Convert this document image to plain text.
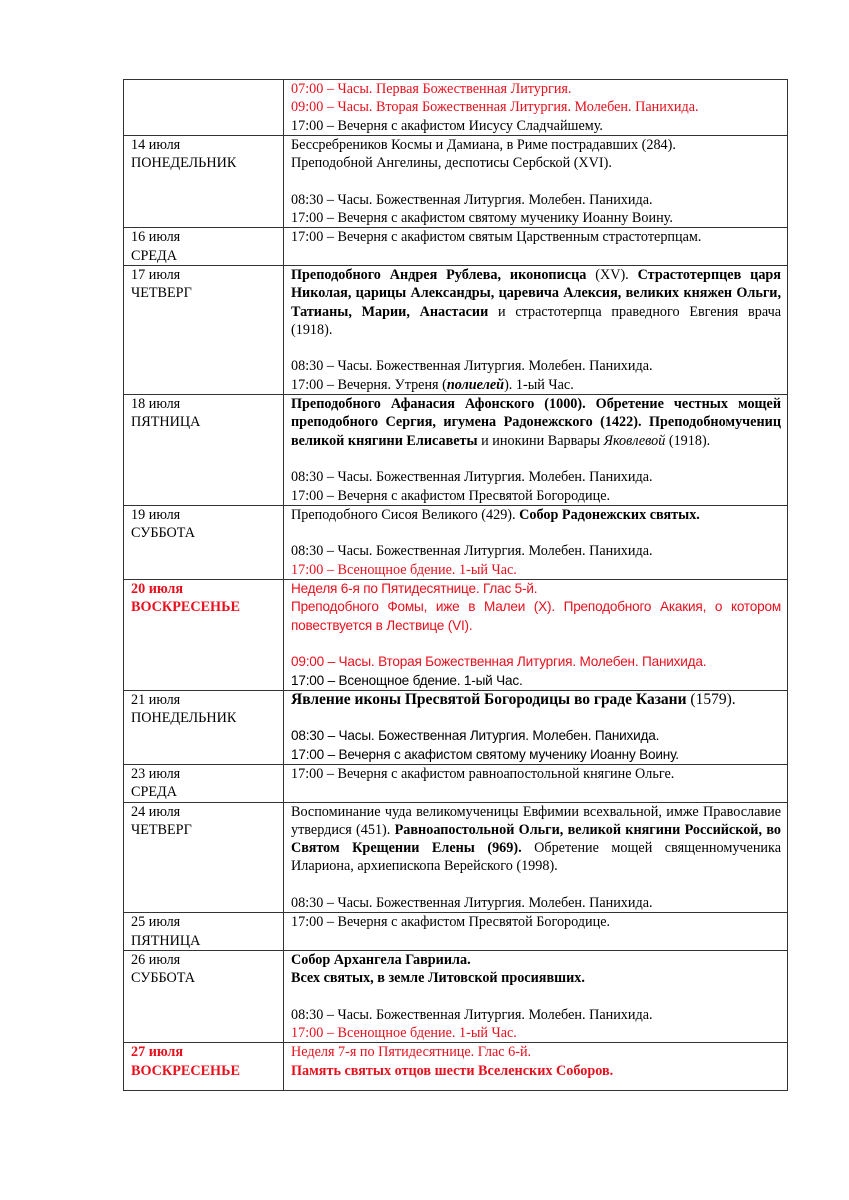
	07:00 – Часы. Первая Божественная Литургия.
09:00 – Часы. Вторая Божественная Литургия. Молебен. Панихида.
17:00 – Вечерня с акафистом Иисусу Сладчайшему.

14 июля
ПОНЕДЕЛЬНИК	Бессребреников Космы и Дамиана, в Риме пострадавших (284).
Преподобной Ангелины, деспотисы Сербской (XVI).
08:30 – Часы. Божественная Литургия. Молебен. Панихида.
17:00 – Вечерня с акафистом святому мученику Иоанну Воину.

16 июля
СРЕДА	17:00 – Вечерня с акафистом святым Царственным страстотерпцам.

17 июля
ЧЕТВЕРГ	Преподобного Андрея Рублева, иконописца (XV). Страстотерпцев царя Николая, царицы Александры, царевича Алексия, великих княжен Ольги, Татианы, Марии, Анастасии и страстотерпца праведного Евгения врача (1918).
08:30 – Часы. Божественная Литургия. Молебен. Панихида.
17:00 – Вечерня. Утреня (полиелей). 1-ый Час.

18 июля
ПЯТНИЦА	Преподобного Афанасия Афонского (1000). Обретение честных мощей преподобного Сергия, игумена Радонежского (1422). Преподобномучениц великой княгини Елисаветы и инокини Варвары Яковлевой (1918).
08:30 – Часы. Божественная Литургия. Молебен. Панихида.
17:00 – Вечерня с акафистом Пресвятой Богородице.

19 июля
СУББОТА	Преподобного Сисоя Великого (429). Собор Радонежских святых.
08:30 – Часы. Божественная Литургия. Молебен. Панихида.
17:00 – Всенощное бдение. 1-ый Час.

20 июля
ВОСКРЕСЕНЬЕ	Неделя 6-я по Пятидесятнице. Глас 5-й.
Преподобного Фомы, иже в Малеи (X). Преподобного Акакия, о котором повествуется в Лествице (VI).
09:00 – Часы. Вторая Божественная Литургия. Молебен. Панихида.
17:00 – Всенощное бдение. 1-ый Час.

21 июля
ПОНЕДЕЛЬНИК	Явление иконы Пресвятой Богородицы во граде Казани (1579).
08:30 – Часы. Божественная Литургия. Молебен. Панихида.
17:00 – Вечерня с акафистом святому мученику Иоанну Воину.

23 июля
СРЕДА	17:00 – Вечерня с акафистом равноапостольной княгине Ольге.

24 июля
ЧЕТВЕРГ	Воспоминание чуда великомученицы Евфимии всехвальной, имже Православие утвердися (451). Равноапостольной Ольги, великой княгини Российской, во Святом Крещении Елены (969). Обретение мощей священномученика Илариона, архиепископа Верейского (1998).
08:30 – Часы. Божественная Литургия. Молебен. Панихида.

25 июля
ПЯТНИЦА	17:00 – Вечерня с акафистом Пресвятой Богородице.

26 июля
СУББОТА	Собор Архангела Гавриила.
Всех святых, в земле Литовской просиявших.
08:30 – Часы. Божественная Литургия. Молебен. Панихида.
17:00 – Всенощное бдение. 1-ый Час.

27 июля
ВОСКРЕСЕНЬЕ	Неделя 7-я по Пятидесятнице. Глас 6-й.
Память святых отцов шести Вселенских Соборов.
